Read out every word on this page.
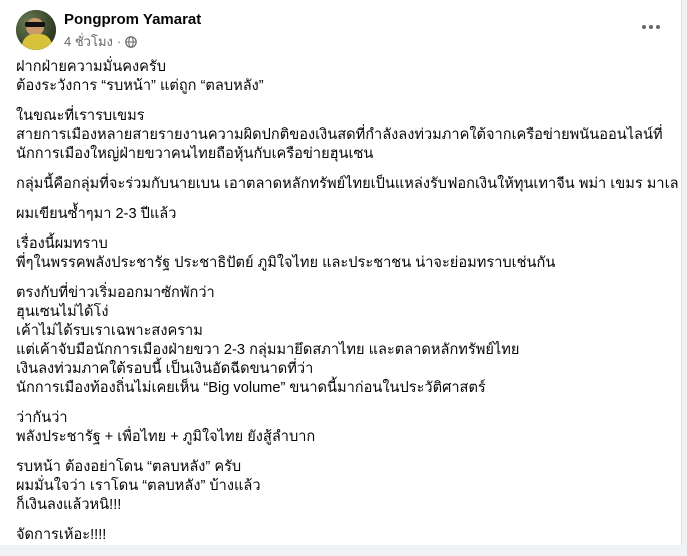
Pongprom Yamarat
4 ชั่วโมง ·
ฝากฝ่ายความมั่นคงครับ
ต้องระวังการ “รบหน้า” แต่ถูก “ตลบหลัง”
ในขณะที่เรารบเขมร
สายการเมืองหลายสายรายงานความผิดปกติของเงินสดที่กำลังลงท่วมภาคใต้จากเครือข่ายพนันออนไลน์ที่
นักการเมืองใหญ่ฝ่ายขวาคนไทยถือหุ้นกับเครือข่ายฮุนเซน
กลุ่มนี้คือกลุ่มที่จะร่วมกับนายเบน เอาตลาดหลักทรัพย์ไทยเป็นแหล่งรับฟอกเงินให้ทุนเทาจีน พม่า เขมร มาเล
ผมเขียนซ้ำๆมา 2-3 ปีแล้ว
เรื่องนี้ผมทราบ
พี่ๆในพรรคพลังประชารัฐ ประชาธิปัตย์ ภูมิใจไทย และประชาชน น่าจะย่อมทราบเช่นกัน
ตรงกับที่ข่าวเริ่มออกมาซักพักว่า
ฮุนเซนไม่ได้โง่
เค้าไม่ได้รบเราเฉพาะสงคราม
แต่เค้าจับมือนักการเมืองฝ่ายขวา 2-3 กลุ่มมายึดสภาไทย และตลาดหลักทรัพย์ไทย
เงินลงท่วมภาคใต้รอบนี้ เป็นเงินอัดฉีดขนาดที่ว่า
นักการเมืองท้องถิ่นไม่เคยเห็น “Big volume” ขนาดนี้มาก่อนในประวัติศาสตร์
ว่ากันว่า
พลังประชารัฐ + เพื่อไทย + ภูมิใจไทย ยังสู้ลำบาก
รบหน้า ต้องอย่าโดน “ตลบหลัง” ครับ
ผมมั่นใจว่า เราโดน “ตลบหลัง” บ้างแล้ว
ก็เงินลงแล้วหนิ!!!
จัดการเห้อะ!!!!
